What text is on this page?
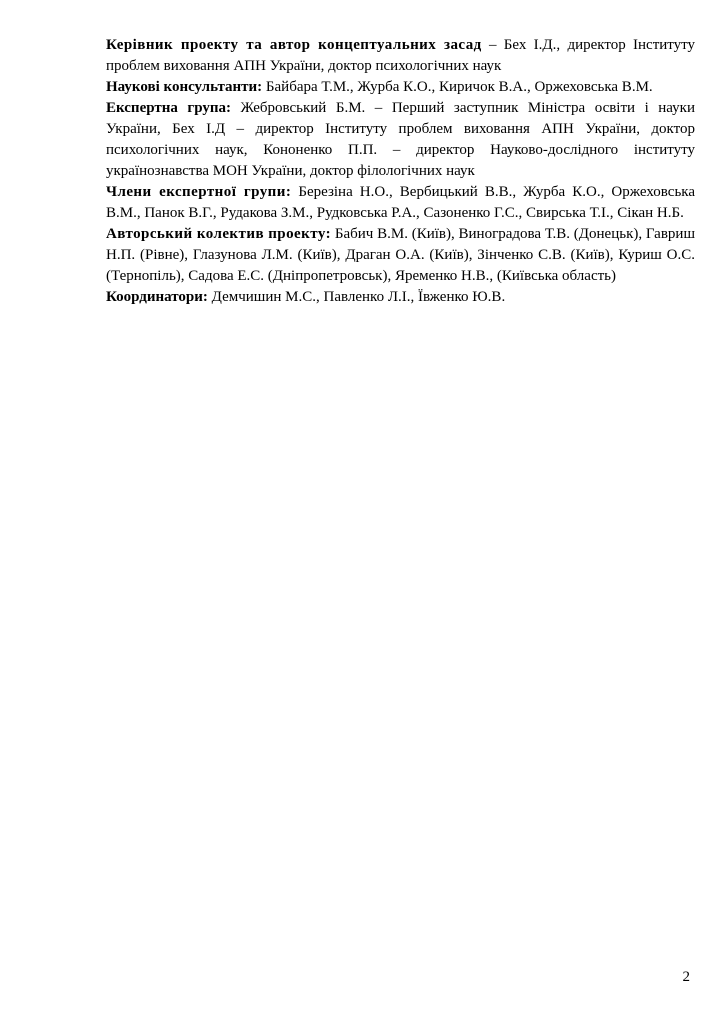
Керівник проекту та автор концептуальних засад – Бех І.Д., директор Інституту проблем виховання АПН України, доктор психологічних наук

Наукові консультанти: Байбара Т.М., Журба К.О., Киричок В.А., Оржеховська В.М.

Експертна група: Жебровський Б.М. – Перший заступник Міністра освіти і науки України, Бех І.Д – директор Інституту проблем виховання АПН України, доктор психологічних наук, Кононенко П.П. – директор Науково-дослідного інституту українознавства МОН України, доктор філологічних наук

Члени експертної групи: Березіна Н.О., Вербицький В.В., Журба К.О., Оржеховська В.М., Панок В.Г., Рудакова З.М., Рудковська Р.А., Сазоненко Г.С., Свирська Т.І., Сікан Н.Б.

Авторський колектив проекту: Бабич В.М. (Київ), Виноградова Т.В. (Донецьк), Гавриш Н.П. (Рівне), Глазунова Л.М. (Київ), Драган О.А. (Київ), Зінченко С.В. (Київ), Куриш О.С. (Тернопіль), Садова Е.С. (Дніпропетровськ), Яременко Н.В., (Київська область)

Координатори: Демчишин М.С., Павленко Л.І., Ївженко Ю.В.

2
